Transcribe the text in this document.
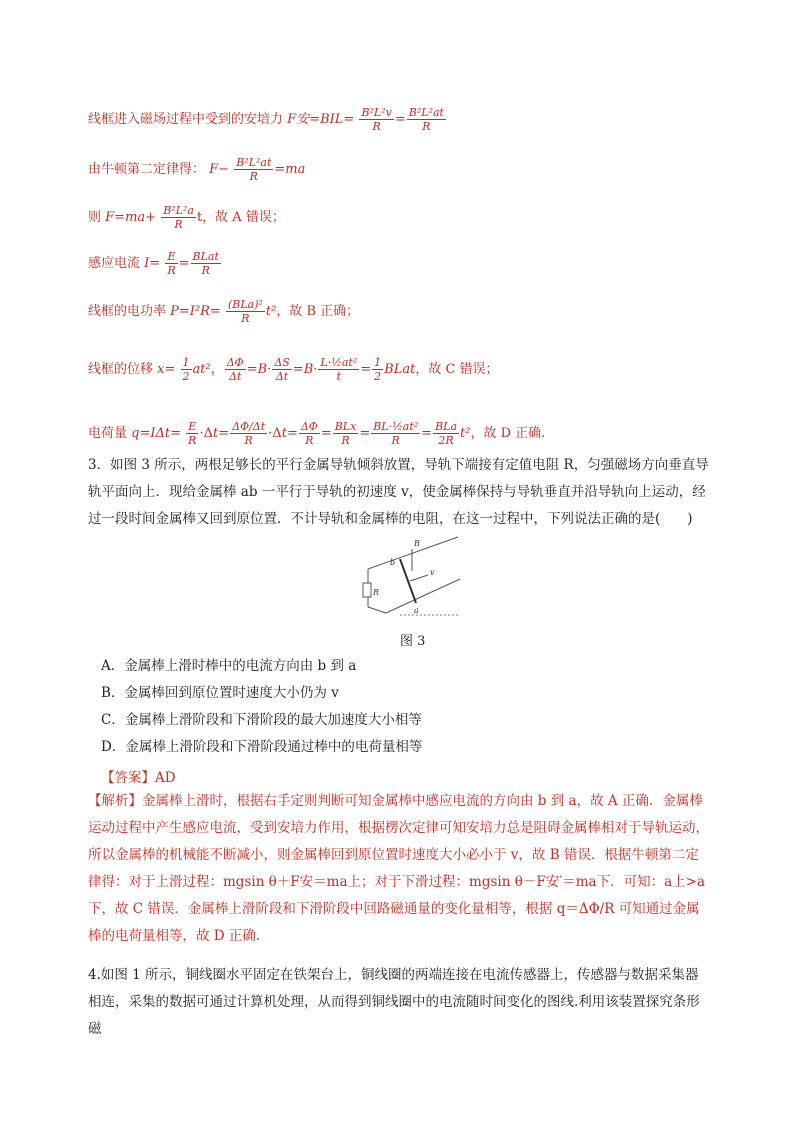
线框进入磁场过程中受到的安培力 F安$=BIL= \frac{\text{B²L²v}}{R} = \frac{\text{B²L²at}}{R}$
由牛顿第二定律得： $F- \frac{\text{B²L²at}}{R} =ma$
则 $F=ma+ \frac{\text{B²L²a}}{R}$ t，故 A 错误；
感应电流 $I= \frac{E}{R} = \frac{\text{BLat}}{R}$
线框的电功率 $P=I^2R= \frac{\text{(BLa)²}}{R} t^2$，故 B 正确；
线框的位移 $x= \frac{1}{2} at^2$， $\frac{\Delta\Phi}{\Delta t} =B\cdot \frac{\Delta S}{\Delta t} =B\cdot \frac{\text{L·½at²}}{t} = \frac{1}{2}$ BLat，故 C 错误；
电荷量 $q=I\Delta t= \frac{E}{R} \cdot\Delta t= \frac{\Delta\Phi/\Delta t}{R} \cdot\Delta t= \frac{\Delta\Phi}{R} = \frac{\text{BLx}}{R} = \frac{\text{BL·½at²}}{R} = \frac{\text{BLa}}{2R} t^2$，故 D 正确.
3．如图 3 所示，两根足够长的平行金属导轨倾斜放置，导轨下端接有定值电阻 R，匀强磁场方向垂直导轨平面向上．现给金属棒 ab 一平行于导轨的初速度 v，使金属棒保持与导轨垂直并沿导轨向上运动，经过一段时间金属棒又回到原位置．不计导轨和金属棒的电阻，在这一过程中，下列说法正确的是(　　)
b
B
v
R
a
图 3
A．金属棒上滑时棒中的电流方向由 b 到 a
B．金属棒回到原位置时速度大小仍为 v
C．金属棒上滑阶段和下滑阶段的最大加速度大小相等
D．金属棒上滑阶段和下滑阶段通过棒中的电荷量相等
【答案】AD
【解析】金属棒上滑时，根据右手定则判断可知金属棒中感应电流的方向由 b 到 a，故 A 正确．金属棒运动过程中产生感应电流，受到安培力作用，根据楞次定律可知安培力总是阻碍金属棒相对于导轨运动，所以金属棒的机械能不断减小，则金属棒回到原位置时速度大小必小于 v，故 B 错误．根据牛顿第二定律得：对于上滑过程：mgsin θ＋F安＝ma上；对于下滑过程：mgsin θ－F安′＝ma下．可知：a上>a下，故 C 错误．金属棒上滑阶段和下滑阶段中回路磁通量的变化量相等，根据 q＝ΔΦ/R 可知通过金属棒的电荷量相等，故 D 正确．
4.如图 1 所示，铜线圈水平固定在铁架台上，铜线圈的两端连接在电流传感器上，传感器与数据采集器相连，采集的数据可通过计算机处理，从而得到铜线圈中的电流随时间变化的图线.利用该装置探究条形磁
